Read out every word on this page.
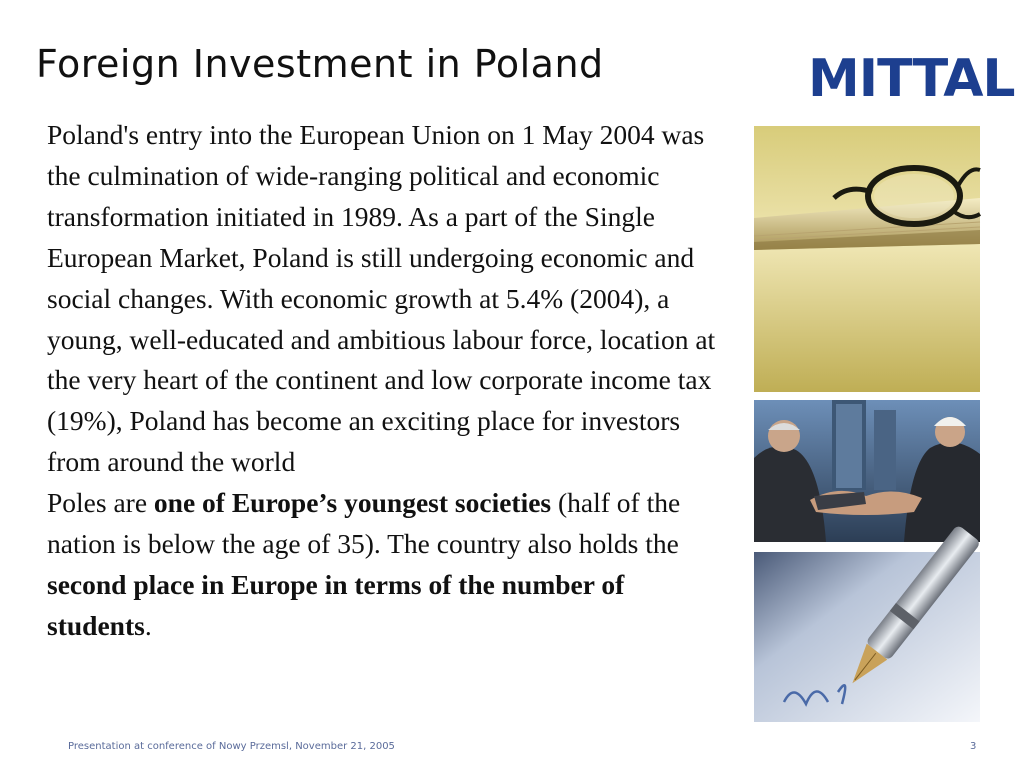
Foreign Investment in Poland	MITTAL

Poland's entry into the European Union on 1 May 2004 was the culmination of wide-ranging political and economic transformation initiated in 1989. As a part of the Single European Market, Poland is still undergoing economic and social changes. With economic growth at 5.4% (2004), a young, well-educated and ambitious labour force, location at the very heart of the continent and low corporate income tax (19%), Poland has become an exciting place for investors from around the world

Poles are one of Europe’s youngest societies (half of the nation is below the age of 35). The country also holds the second place in Europe in terms of the number of students.

Presentation at conference of Nowy Przemsl, November 21, 2005	3
